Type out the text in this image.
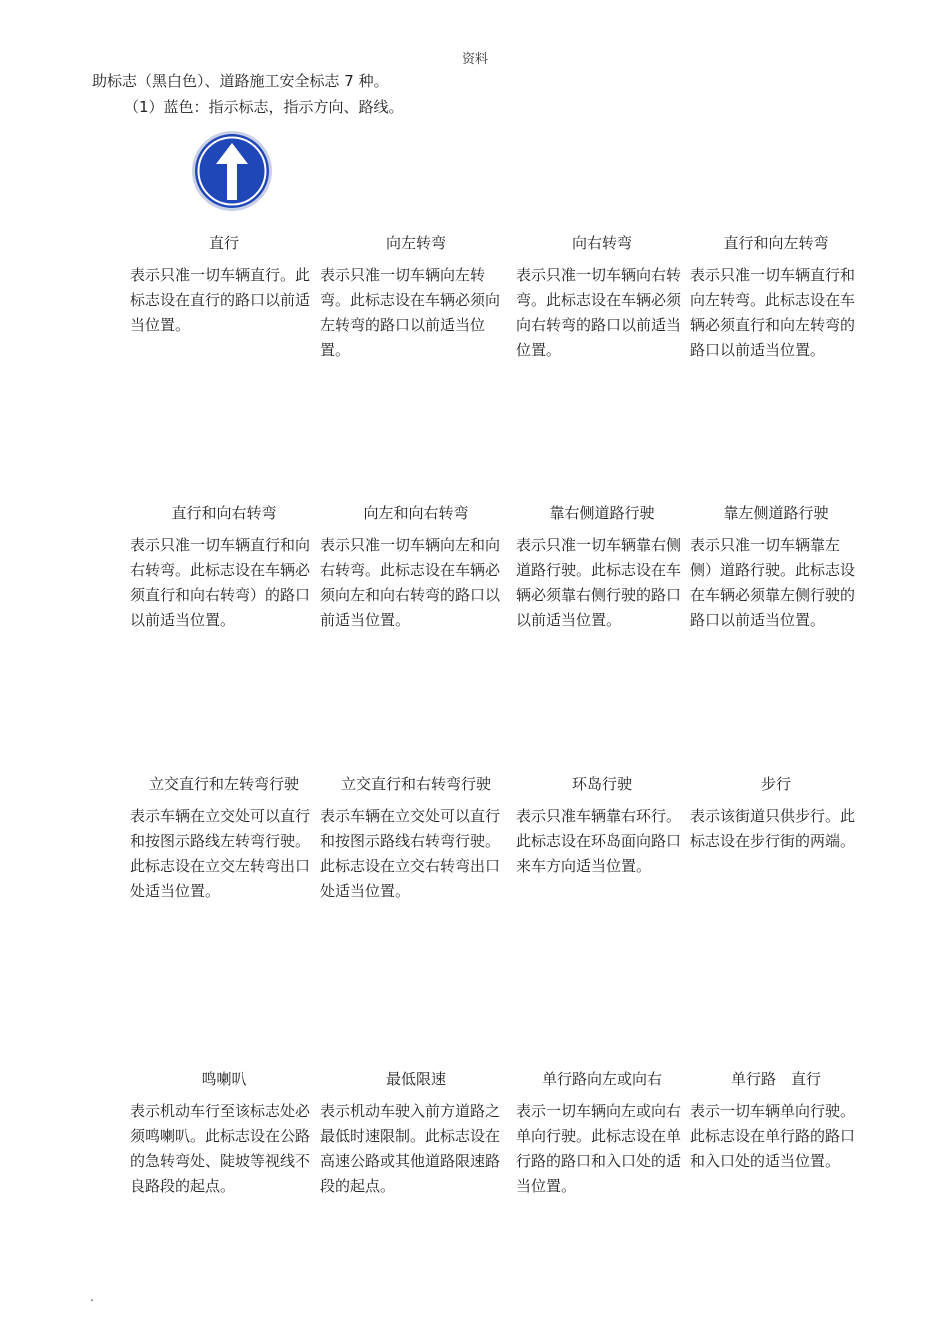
资料
助标志（黑白色）、道路施工安全标志 7 种。
（1）蓝色：指示标志，指示方向、路线。
直行
表示只准一切车辆直行。此标志设在直行的路口以前适当位置。
向左转弯
表示只准一切车辆向左转弯。此标志设在车辆必须向左转弯的路口以前适当位置。
向右转弯
表示只准一切车辆向右转弯。此标志设在车辆必须向右转弯的路口以前适当位置。
直行和向左转弯
表示只准一切车辆直行和向左转弯。此标志设在车辆必须直行和向左转弯的路口以前适当位置。
直行和向右转弯
表示只准一切车辆直行和向右转弯。此标志设在车辆必须直行和向右转弯）的路口以前适当位置。
向左和向右转弯
表示只准一切车辆向左和向右转弯。此标志设在车辆必须向左和向右转弯的路口以前适当位置。
靠右侧道路行驶
表示只准一切车辆靠右侧道路行驶。此标志设在车辆必须靠右侧行驶的路口以前适当位置。
靠左侧道路行驶
表示只准一切车辆靠左侧）道路行驶。此标志设在车辆必须靠左侧行驶的路口以前适当位置。
立交直行和左转弯行驶
表示车辆在立交处可以直行和按图示路线左转弯行驶。此标志设在立交左转弯出口处适当位置。
立交直行和右转弯行驶
表示车辆在立交处可以直行和按图示路线右转弯行驶。此标志设在立交右转弯出口处适当位置。
环岛行驶
表示只准车辆靠右环行。此标志设在环岛面向路口来车方向适当位置。
步行
表示该街道只供步行。此标志设在步行街的两端。
鸣喇叭
表示机动车行至该标志处必须鸣喇叭。此标志设在公路的急转弯处、陡坡等视线不良路段的起点。
最低限速
表示机动车驶入前方道路之最低时速限制。此标志设在高速公路或其他道路限速路段的起点。
单行路向左或向右
表示一切车辆向左或向右单向行驶。此标志设在单行路的路口和入口处的适当位置。
单行路　直行
表示一切车辆单向行驶。此标志设在单行路的路口和入口处的适当位置。
.
